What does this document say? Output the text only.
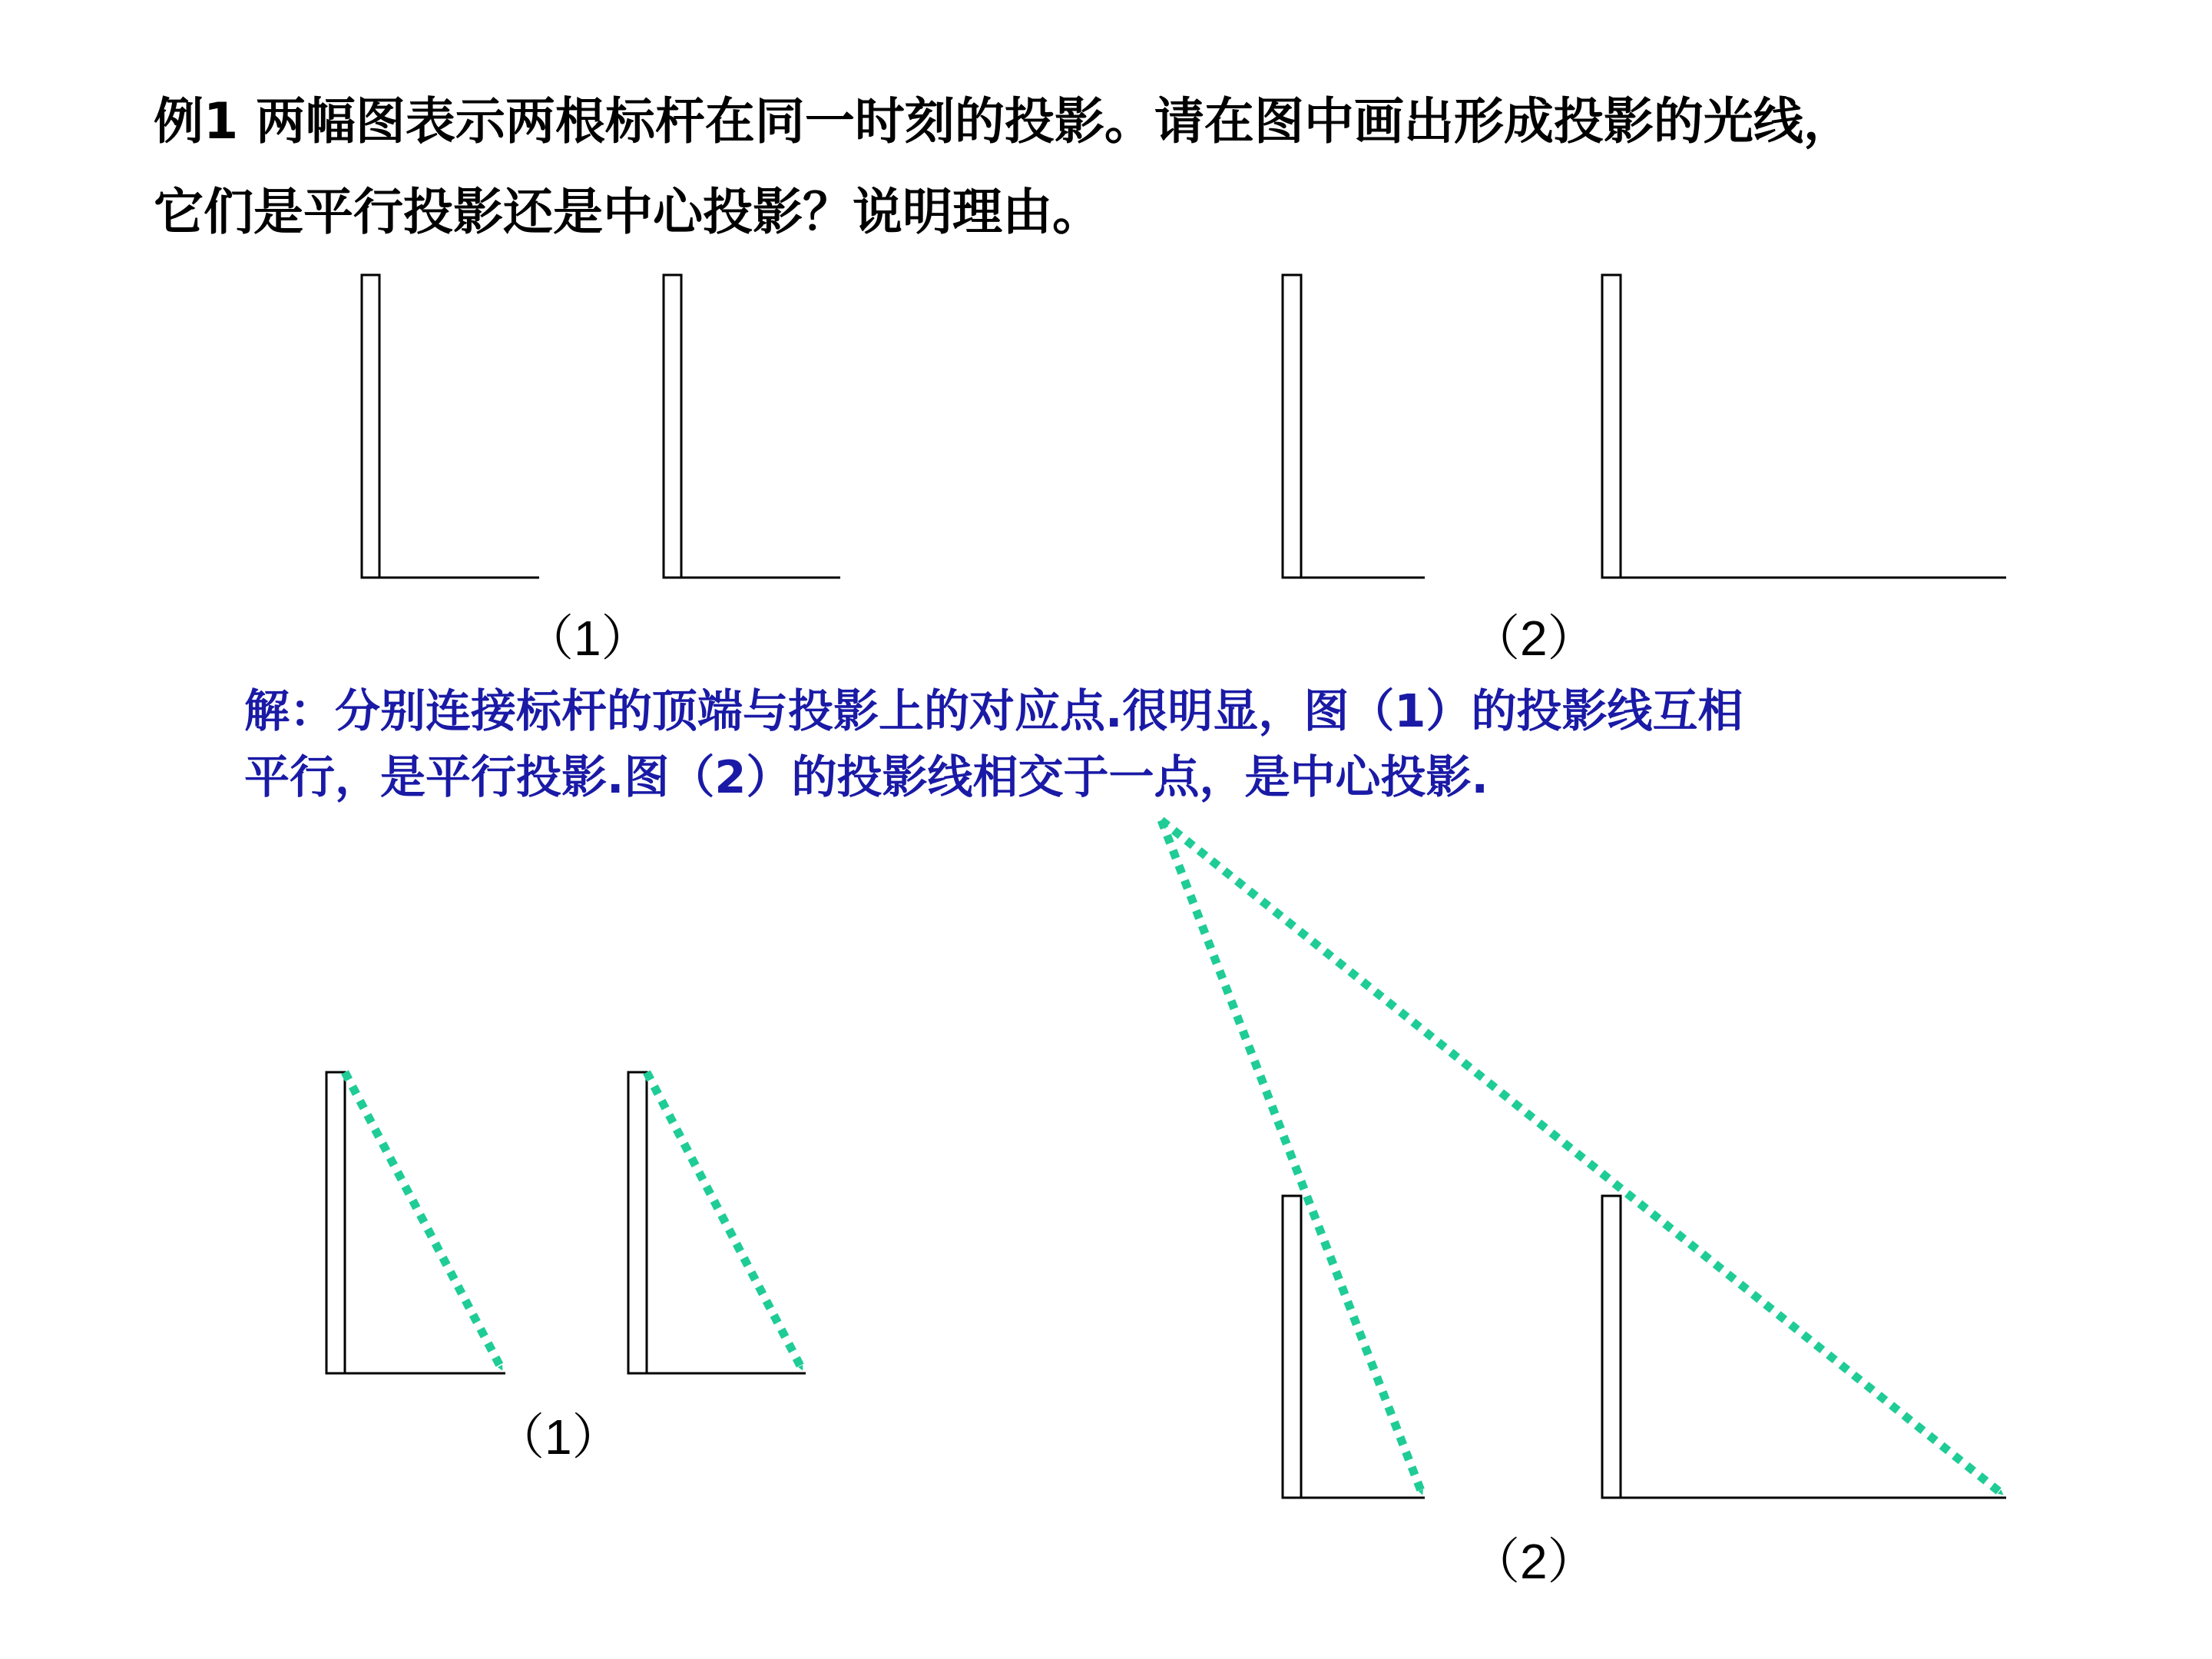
例1 两幅图表示两根标杆在同一时刻的投影。请在图中画出形成投影的光线，
它们是平行投影还是中心投影？说明理由。
解：分别连接标杆的顶端与投影上的对应点.很明显，图（1）的投影线互相
平行，是平行投影.图（2）的投影线相交于一点，是中心投影.
（1）	（2）
（1）
（2）
